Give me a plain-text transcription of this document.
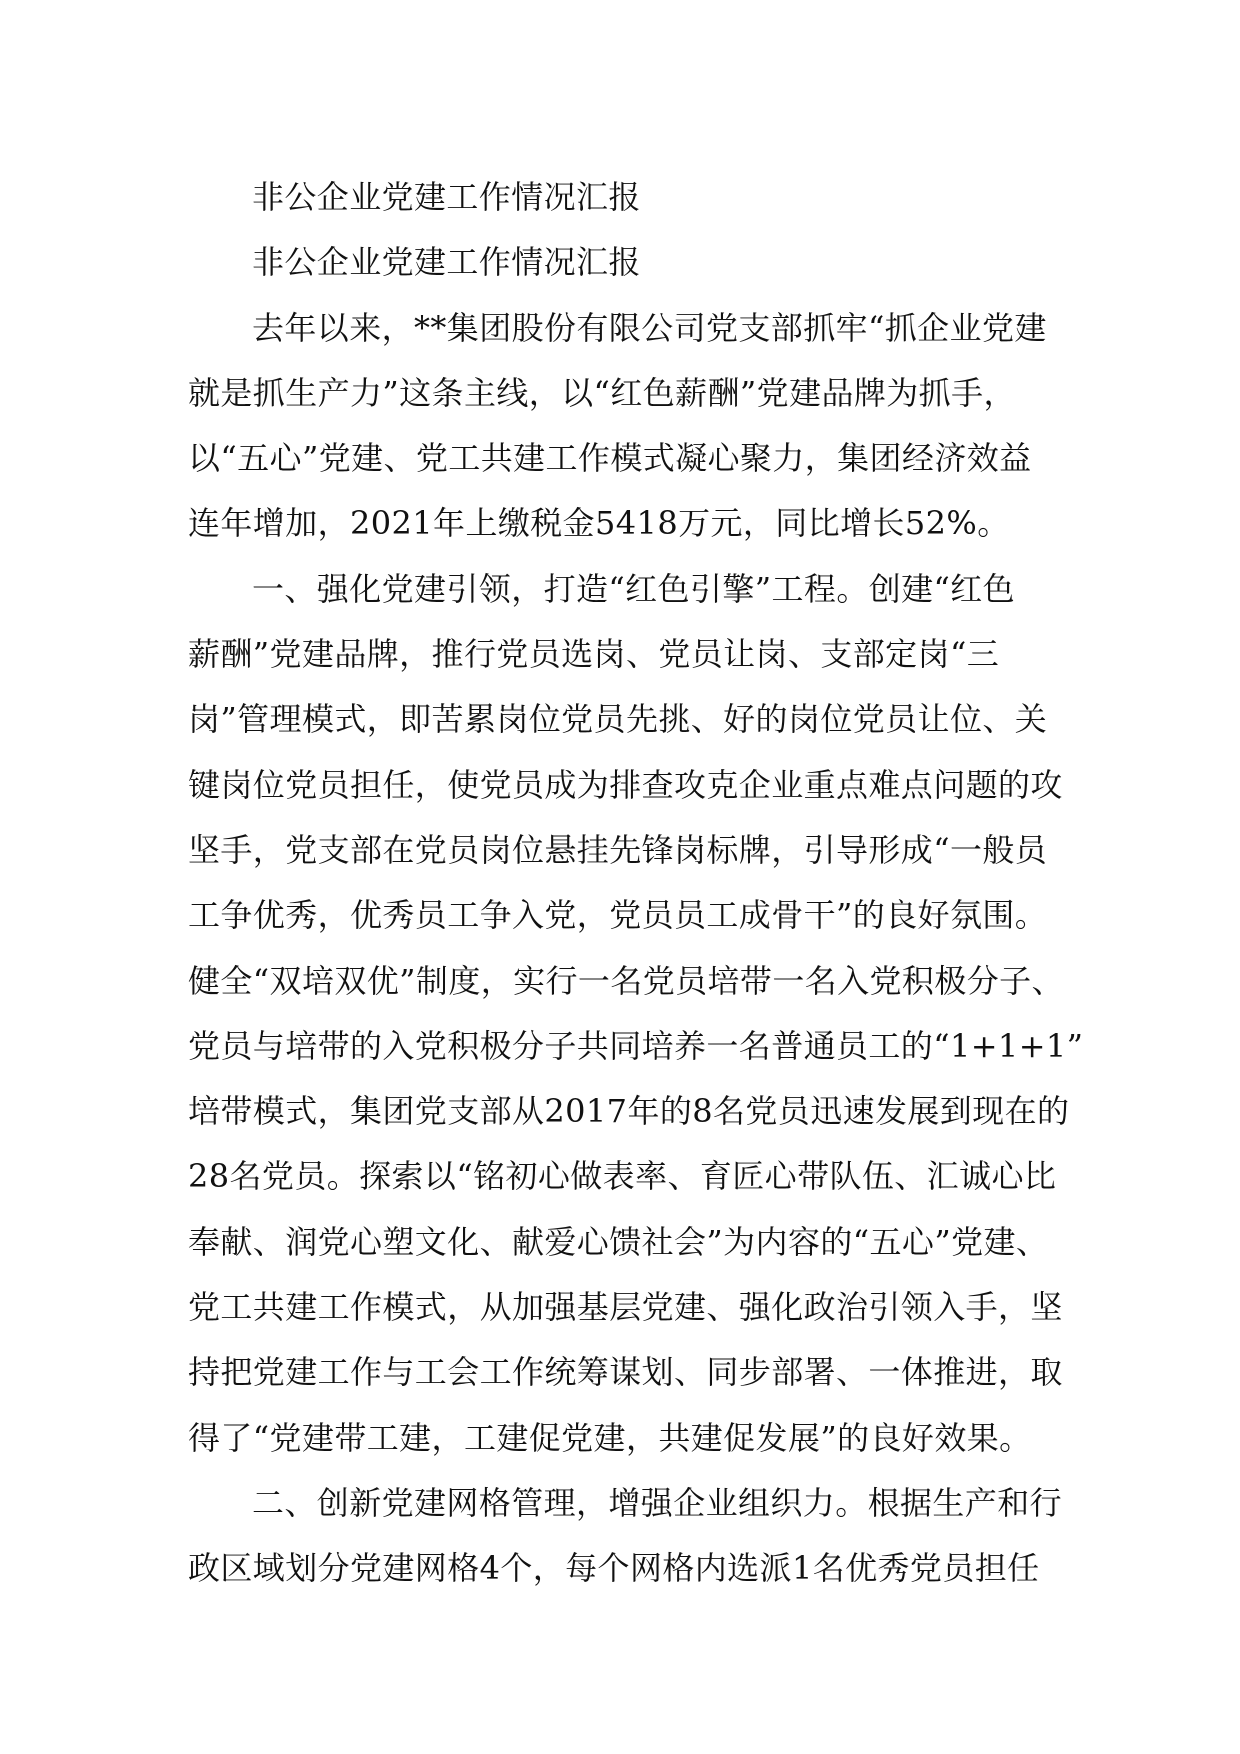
非公企业党建工作情况汇报
非公企业党建工作情况汇报
去年以来，**集团股份有限公司党支部抓牢“抓企业党建
就是抓生产力”这条主线，以“红色薪酬”党建品牌为抓手，
以“五心”党建、党工共建工作模式凝心聚力，集团经济效益
连年增加，2021年上缴税金5418万元，同比增长52%。
一、强化党建引领，打造“红色引擎”工程。创建“红色
薪酬”党建品牌，推行党员选岗、党员让岗、支部定岗“三
岗”管理模式，即苦累岗位党员先挑、好的岗位党员让位、关
键岗位党员担任，使党员成为排查攻克企业重点难点问题的攻
坚手，党支部在党员岗位悬挂先锋岗标牌，引导形成“一般员
工争优秀，优秀员工争入党，党员员工成骨干”的良好氛围。
健全“双培双优”制度，实行一名党员培带一名入党积极分子、
党员与培带的入党积极分子共同培养一名普通员工的“1+1+1”
培带模式，集团党支部从2017年的8名党员迅速发展到现在的
28名党员。探索以“铭初心做表率、育匠心带队伍、汇诚心比
奉献、润党心塑文化、献爱心馈社会”为内容的“五心”党建、
党工共建工作模式，从加强基层党建、强化政治引领入手，坚
持把党建工作与工会工作统筹谋划、同步部署、一体推进，取
得了“党建带工建，工建促党建，共建促发展”的良好效果。
二、创新党建网格管理，增强企业组织力。根据生产和行
政区域划分党建网格4个，每个网格内选派1名优秀党员担任
